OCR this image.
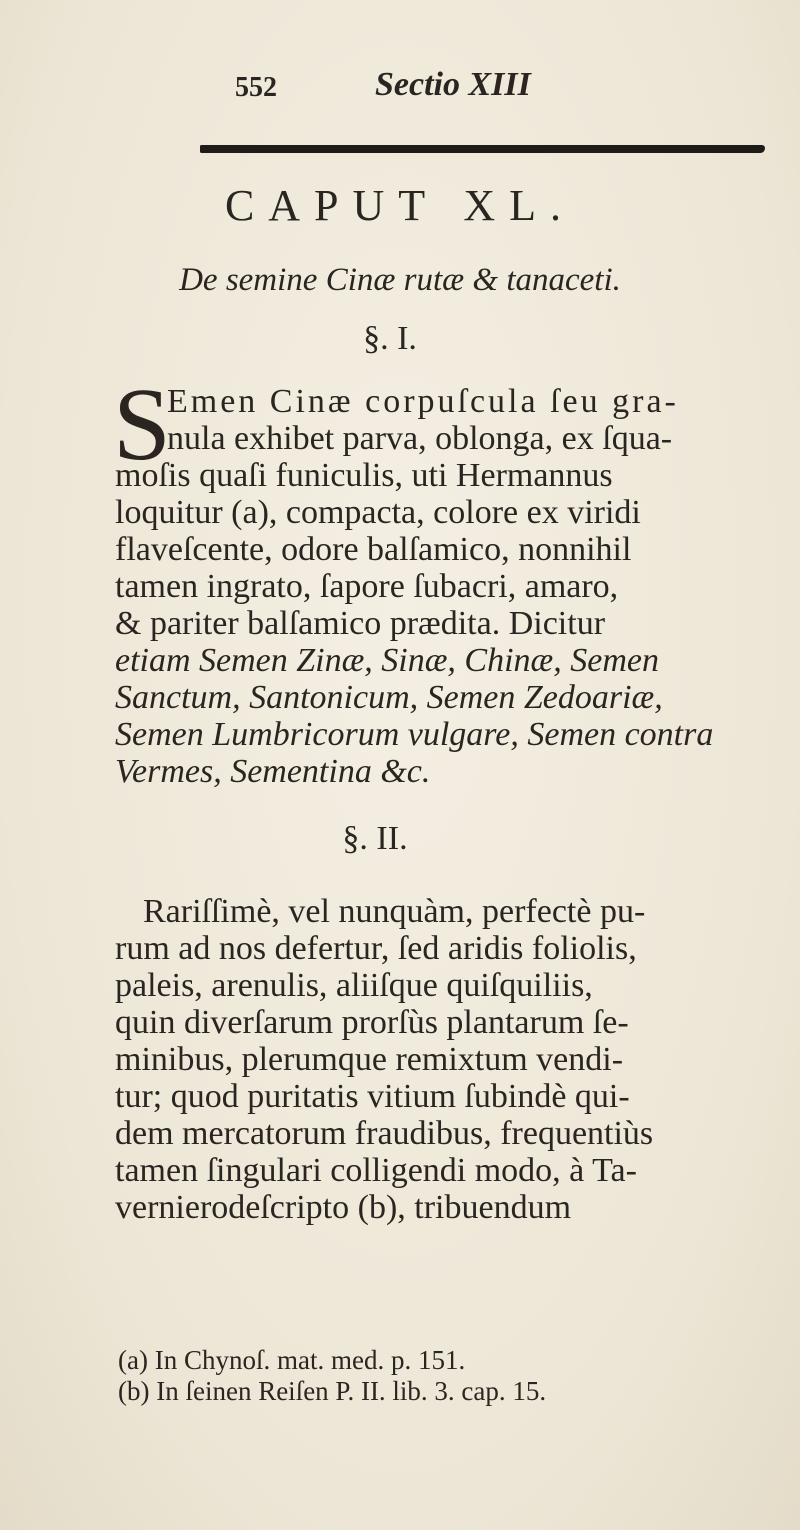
552	Sectio XIII
CAPUT XL.
De semine Cinæ rutæ & tanaceti.
§. I.
S
Emen Cinæ corpuſcula ſeu gra-
nula exhibet parva, oblonga, ex ſqua-
moſis quaſi funiculis, uti Hermannus
loquitur (a), compacta, colore ex viridi
flaveſcente, odore balſamico, nonnihil
tamen ingrato, ſapore ſubacri, amaro,
& pariter balſamico prædita. Dicitur
etiam Semen Zinæ, Sinæ, Chinæ, Semen
Sanctum, Santonicum, Semen Zedoariæ,
Semen Lumbricorum vulgare, Semen contra
Vermes, Sementina &c.
§. II.
Rariſſimè, vel nunquàm, perfectè pu-
rum ad nos defertur, ſed aridis foliolis,
paleis, arenulis, aliiſque quiſquiliis,
quin diverſarum prorſùs plantarum ſe-
minibus, plerumque remixtum vendi-
tur; quod puritatis vitium ſubindè qui-
dem mercatorum fraudibus, frequentiùs
tamen ſingulari colligendi modo, à Ta-
vernierodeſcripto (b), tribuendum
(a) In Chynoſ. mat. med. p. 151.
(b) In ſeinen Reiſen P. II. lib. 3. cap. 15.
